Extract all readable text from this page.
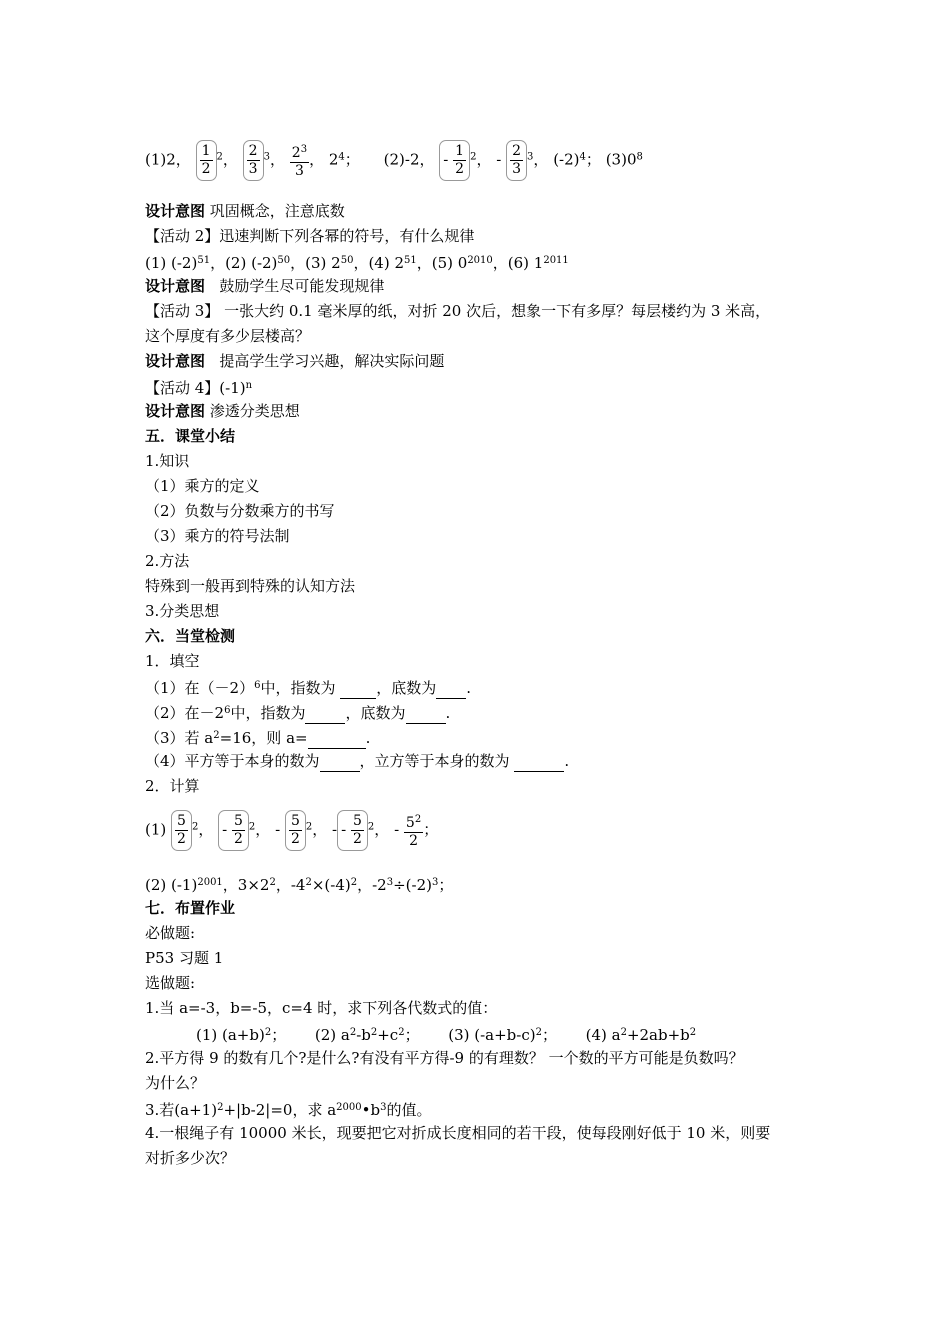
(1)2， $\frac{1}{2} ^2$， $\frac{2}{3} ^3$， $\frac{2^3}{3}$ ， $2^4$； (2)-2， - $\frac{1}{2} ^2$， - $\frac{2}{3} ^3$， $(-2)^4$； $(3)0^8$
设计意图 巩固概念，注意底数
【活动 2】迅速判断下列各幂的符号，有什么规律
(1) $(-2)^{51}$，(2) $(-2)^{50}$，(3) $2^{50}$，(4) $2^{51}$，(5) $0^{2010}$，(6) $1^{2011}$
设计意图 鼓励学生尽可能发现规律
【活动 3】 一张大约 0.1 毫米厚的纸，对折 20 次后，想象一下有多厚？每层楼约为 3 米高，
这个厚度有多少层楼高？
设计意图 提高学生学习兴趣，解决实际问题
【活动 4】$(-1)^n$
设计意图 渗透分类思想
五．课堂小结
1.知识
（1）乘方的定义
（2）负数与分数乘方的书写
（3）乘方的符号法制
2.方法
特殊到一般再到特殊的认知方法
3.分类思想
六．当堂检测
1．填空
（1）在$(-2)^6$中，指数为  ，底数为 .
（2）在$-2^6$中，指数为	，底数为	.
（3）若 $a^2=16$，则 a=	.
（4）平方等于本身的数为	，立方等于本身的数为	.
2．计算
$(1) \frac{5}{2} ^2$， - $\frac{5}{2} ^2$， - $\frac{5}{2} ^2$， - - $\frac{5}{2} ^2$， - $\frac{5^2}{2}$ ；
(2) $(-1)^{2001}$，$3\times 2^2$，$-4^2\times(-4)^2$，$-2^3\div(-2)^3$；
七．布置作业
必做题:
P53 习题 1
选做题:
1.当 a=-3，b=-5，c=4 时，求下列各代数式的值：
(1) $(a+b)^2$； (2) $a^2-b^2+c^2$； (3) $(-a+b-c)^2$； (4) $a^2+2ab+b^2$
2.平方得 9 的数有几个?是什么?有没有平方得-9 的有理数？ 一个数的平方可能是负数吗？
为什么？
3.若$(a+1)^2+|b-2|=0$，求 $a^{2000}•b^3$的值。
4.一根绳子有 10000 米长，现要把它对折成长度相同的若干段，使每段刚好低于 10 米，则要
对折多少次？
